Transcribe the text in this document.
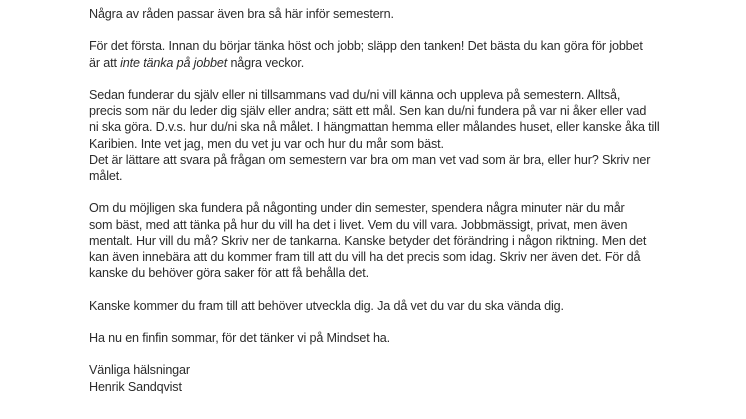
Några av råden passar även bra så här inför semestern.
För det första. Innan du börjar tänka höst och jobb; släpp den tanken! Det bästa du kan göra för jobbet
är att inte tänka på jobbet några veckor.
Sedan funderar du själv eller ni tillsammans vad du/ni vill känna och uppleva på semestern. Alltså,
precis som när du leder dig själv eller andra; sätt ett mål. Sen kan du/ni fundera på var ni åker eller vad
ni ska göra. D.v.s. hur du/ni ska nå målet. I hängmattan hemma eller målandes huset, eller kanske åka till
Karibien. Inte vet jag, men du vet ju var och hur du mår som bäst.
Det är lättare att svara på frågan om semestern var bra om man vet vad som är bra, eller hur? Skriv ner
målet.
Om du möjligen ska fundera på någonting under din semester, spendera några minuter när du mår
som bäst, med att tänka på hur du vill ha det i livet. Vem du vill vara. Jobbmässigt, privat, men även
mentalt. Hur vill du må? Skriv ner de tankarna. Kanske betyder det förändring i någon riktning. Men det
kan även innebära att du kommer fram till att du vill ha det precis som idag. Skriv ner även det. För då
kanske du behöver göra saker för att få behålla det.
Kanske kommer du fram till att behöver utveckla dig. Ja då vet du var du ska vända dig.
Ha nu en finfin sommar, för det tänker vi på Mindset ha.
Vänliga hälsningar
Henrik Sandqvist
